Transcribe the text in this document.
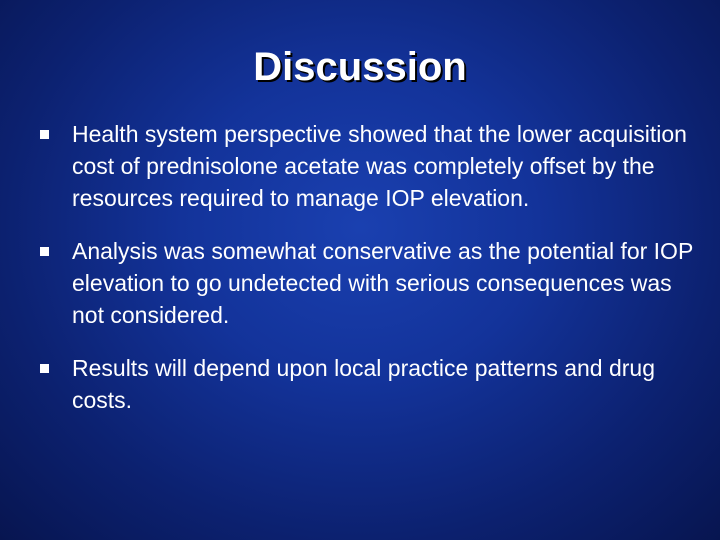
Discussion
Health system perspective showed that the lower acquisition cost of prednisolone acetate was completely offset by the resources required to manage IOP elevation.
Analysis was somewhat conservative as the potential for IOP elevation to go undetected with serious consequences was not considered.
Results will depend upon local practice patterns and drug costs.
